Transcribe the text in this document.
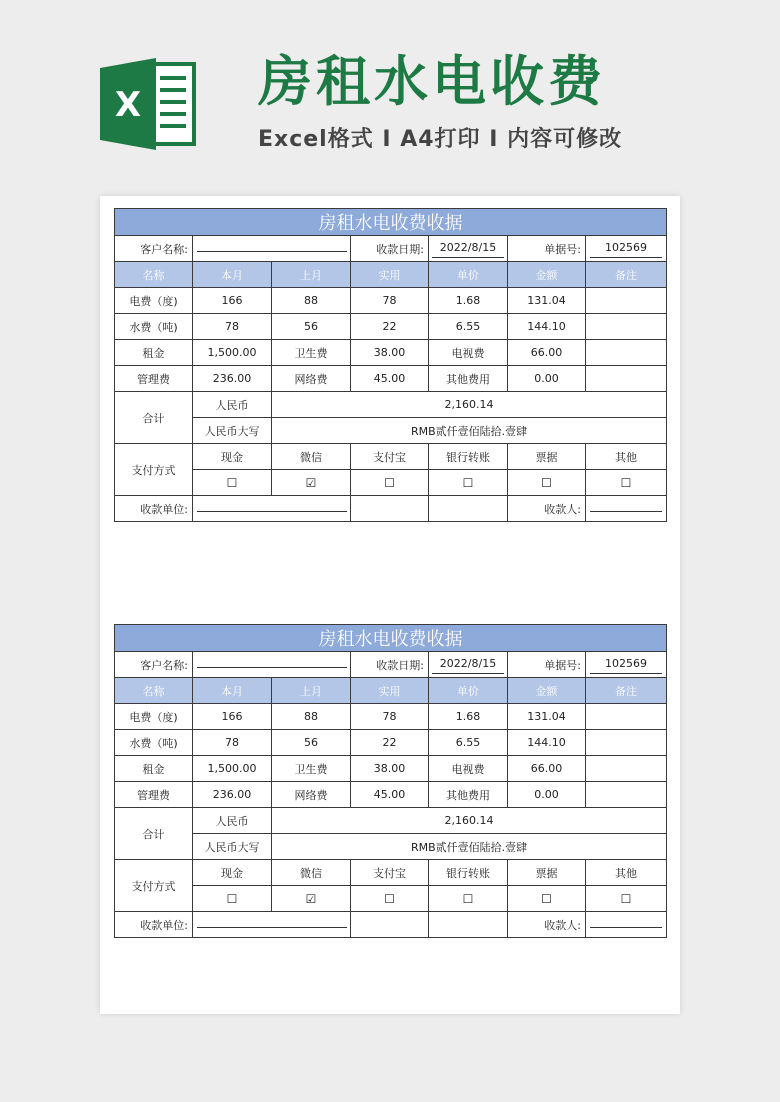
X 房租水电收费
Excel格式 I A4打印 I 内容可修改
房租水电收费收据						
客户名称:			收款日期:	2022/8/15	单据号:	102569
名称	本月	上月	实用	单价	金额	备注
电费（度)	166	88	78	1.68	131.04	
水费（吨)	78	56	22	6.55	144.10	
租金	1,500.00	卫生费	38.00	电视费	66.00	
管理费	236.00	网络费	45.00	其他费用	0.00	
合计	人民币	2,160.14				
	人民币大写	RMB贰仟壹佰陆拾.壹肆				
支付方式	现金	微信	支付宝	银行转账	票据	其他
	☐	☑	☐	☐	☐	☐
收款单位:					收款人:	
房租水电收费收据						
客户名称:			收款日期:	2022/8/15	单据号:	102569
名称	本月	上月	实用	单价	金额	备注
电费（度)	166	88	78	1.68	131.04	
水费（吨)	78	56	22	6.55	144.10	
租金	1,500.00	卫生费	38.00	电视费	66.00	
管理费	236.00	网络费	45.00	其他费用	0.00	
合计	人民币	2,160.14				
	人民币大写	RMB贰仟壹佰陆拾.壹肆				
支付方式	现金	微信	支付宝	银行转账	票据	其他
	☐	☑	☐	☐	☐	☐
收款单位:					收款人:	
